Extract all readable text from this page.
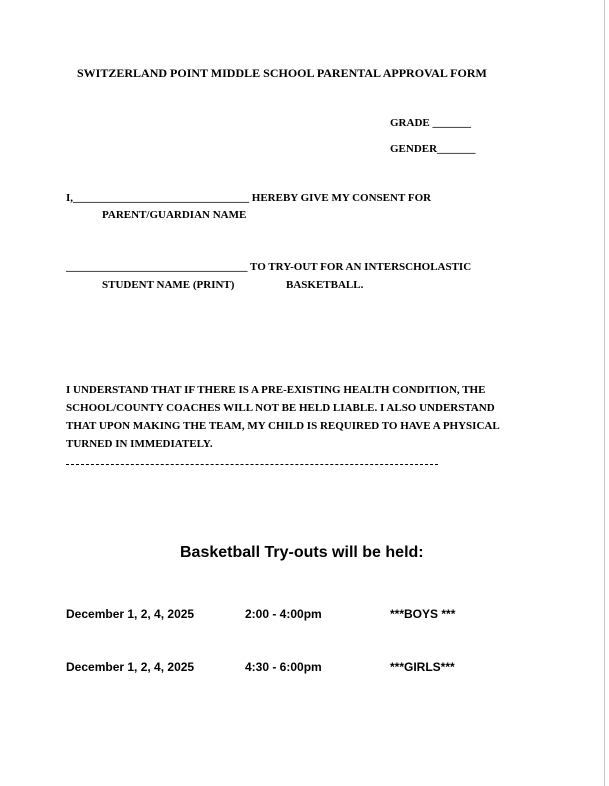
SWITZERLAND POINT MIDDLE SCHOOL PARENTAL APPROVAL FORM
GRADE _______
GENDER_______
I,________________________________ HEREBY GIVE MY CONSENT FOR
PARENT/GUARDIAN NAME
_________________________________ TO TRY-OUT FOR AN INTERSCHOLASTIC
STUDENT NAME (PRINT)	BASKETBALL.
I UNDERSTAND THAT IF THERE IS A PRE-EXISTING HEALTH CONDITION, THE
SCHOOL/COUNTY COACHES WILL NOT BE HELD LIABLE. I ALSO UNDERSTAND
THAT UPON MAKING THE TEAM, MY CHILD IS REQUIRED TO HAVE A PHYSICAL
TURNED IN IMMEDIATELY.
Basketball Try-outs will be held:
December 1, 2, 4, 2025	2:00 - 4:00pm	***BOYS ***
December 1, 2, 4, 2025	4:30 - 6:00pm	***GIRLS***
